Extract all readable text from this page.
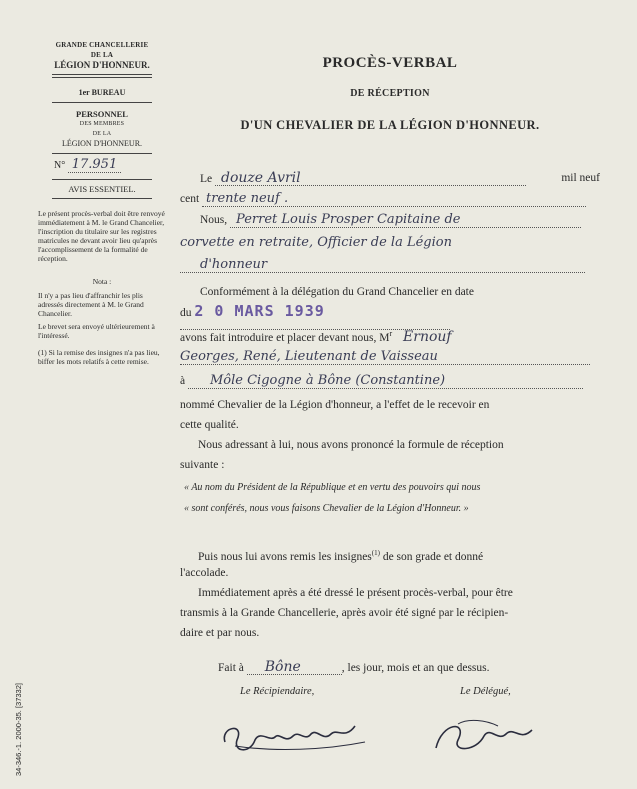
GRANDE CHANCELLERIE
DE LA
LÉGION D'HONNEUR.
1er BUREAU
PERSONNEL
DES MEMBRES
DE LA
LÉGION D'HONNEUR.
N° 17.951
AVIS ESSENTIEL.
Le présent procès-verbal doit être renvoyé immédiatement à M. le Grand Chancelier, l'inscription du titulaire sur les registres matricules ne devant avoir lieu qu'après l'accomplissement de la formalité de réception.
Nota :
Il n'y a pas lieu d'affranchir les plis adressés directement à M. le Grand Chancelier.
Le brevet sera envoyé ultérieurement à l'intéressé.
(1) Si la remise des insignes n'a pas lieu, biffer les mots relatifs à cette remise.
34-346.-1. 2000-35. [37332]
PROCÈS-VERBAL
DE RÉCEPTION
D'UN CHEVALIER DE LA LÉGION D'HONNEUR.
Le douze Avril	mil neuf
cent trente neuf .
Nous, Perret Louis Prosper Capitaine de
corvette en retraite, Officier de la Légion
d'honneur
Conformément à la délégation du Grand Chancelier en date
du 2 0 MARS 1939
avons fait introduire et placer devant nous, $M^r$ Ernouf
Georges, René, Lieutenant de Vaisseau
à Môle Cigogne à Bône (Constantine)
nommé Chevalier de la Légion d'honneur, a l'effet de le recevoir en
cette qualité.
Nous adressant à lui, nous avons prononcé la formule de réception
suivante :
« Au nom du Président de la République et en vertu des pouvoirs qui nous
« sont conférés, nous vous faisons Chevalier de la Légion d'Honneur. »
Puis nous lui avons remis les insignes$^{(1)}$ de son grade et donné
l'accolade.
Immédiatement après a été dressé le présent procès-verbal, pour être
transmis à la Grande Chancellerie, après avoir été signé par le récipien-
daire et par nous.
Fait à Bône	, les jour, mois et an que dessus.
Le Récipiendaire,	Le Délégué,
